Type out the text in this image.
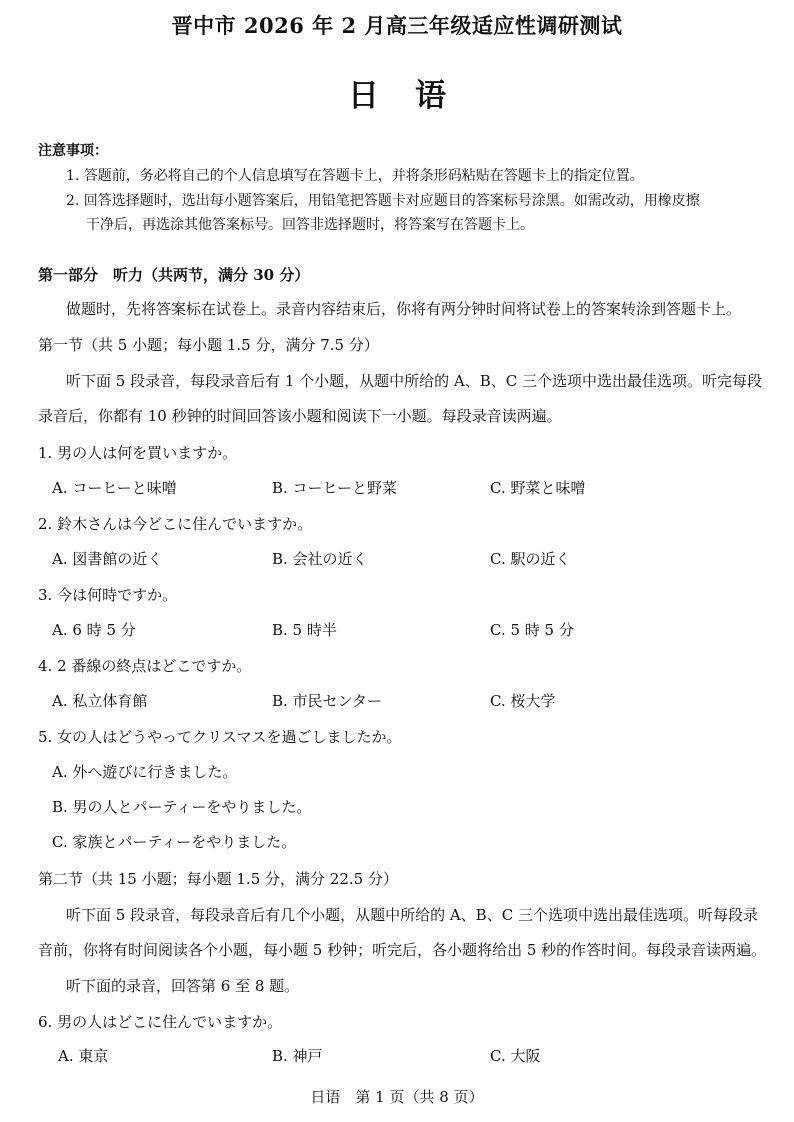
晋中市 2026 年 2 月高三年级适应性调研测试
日语
注意事项：
1. 答题前，务必将自己的个人信息填写在答题卡上，并将条形码粘贴在答题卡上的指定位置。
2. 回答选择题时，选出每小题答案后，用铅笔把答题卡对应题目的答案标号涂黑。如需改动，用橡皮擦
干净后，再选涂其他答案标号。回答非选择题时，将答案写在答题卡上。
第一部分　听力（共两节，满分 30 分）
做题时，先将答案标在试卷上。录音内容结束后，你将有两分钟时间将试卷上的答案转涂到答题卡上。
第一节（共 5 小题；每小题 1.5 分，满分 7.5 分）
听下面 5 段录音，每段录音后有 1 个小题，从题中所给的 A、B、C 三个选项中选出最佳选项。听完每段
录音后，你都有 10 秒钟的时间回答该小题和阅读下一小题。每段录音读两遍。
1. 男の人は何を買いますか。
A. コーヒーと味噌	B. コーヒーと野菜	C. 野菜と味噌
2. 鈴木さんは今どこに住んでいますか。
A. 図書館の近く	B. 会社の近く	C. 駅の近く
3. 今は何時ですか。
A. 6 時 5 分	B. 5 時半	C. 5 時 5 分
4. 2 番線の終点はどこですか。
A. 私立体育館	B. 市民センター	C. 桜大学
5. 女の人はどうやってクリスマスを過ごしましたか。
A. 外へ遊びに行きました。
B. 男の人とパーティーをやりました。
C. 家族とパーティーをやりました。
第二节（共 15 小题；每小题 1.5 分，满分 22.5 分）
听下面 5 段录音，每段录音后有几个小题，从题中所给的 A、B、C 三个选项中选出最佳选项。听每段录
音前，你将有时间阅读各个小题，每小题 5 秒钟；听完后，各小题将给出 5 秒的作答时间。每段录音读两遍。
听下面的录音，回答第 6 至 8 题。
6. 男の人はどこに住んでいますか。
A. 東京	B. 神戸	C. 大阪
日语　第 1 页（共 8 页）
